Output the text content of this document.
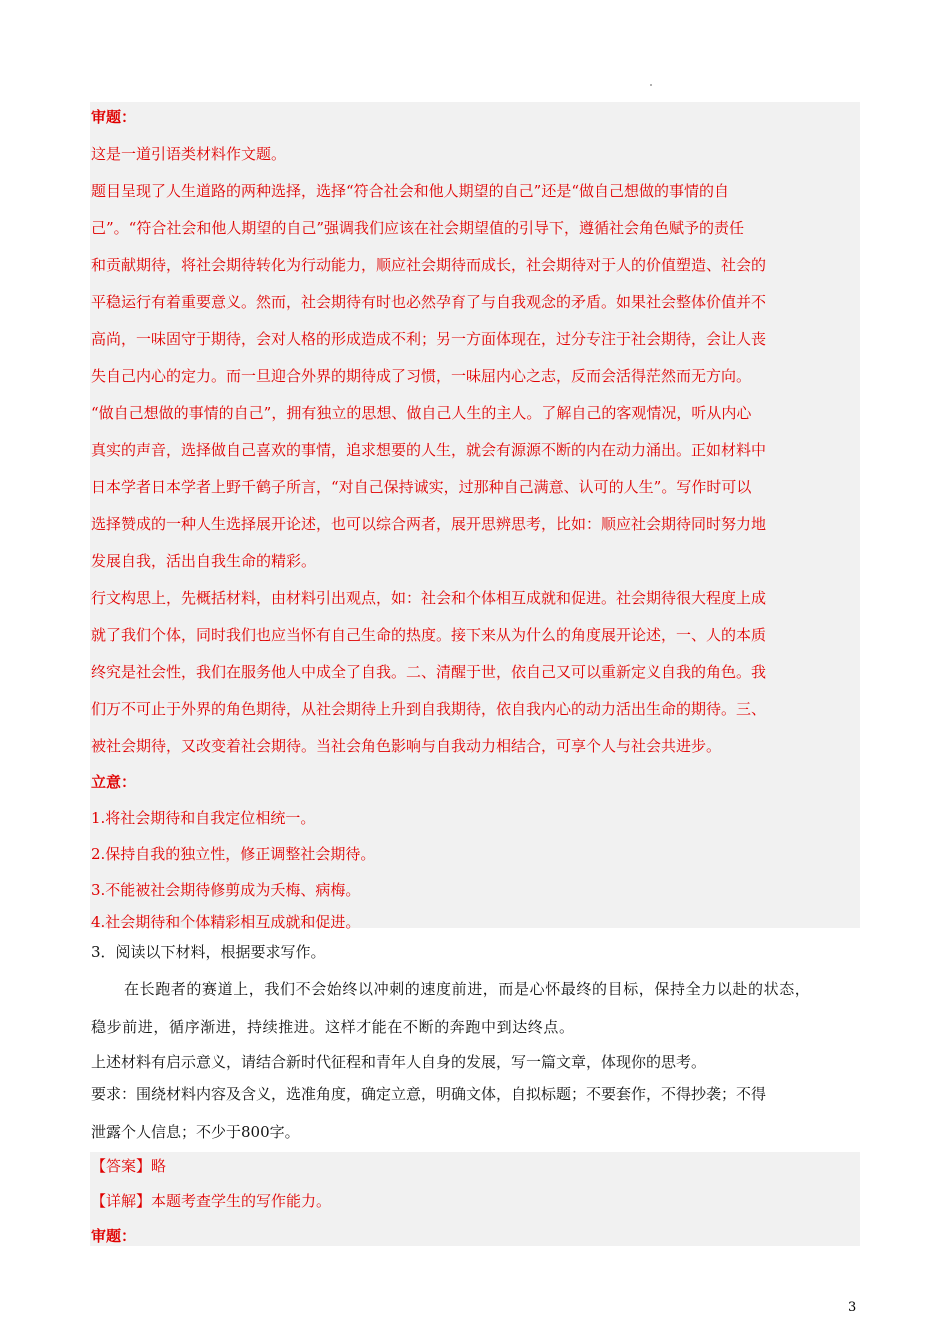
审题：
这是一道引语类材料作文题。
题目呈现了人生道路的两种选择，选择“符合社会和他人期望的自己”还是“做自己想做的事情的自
己”。“符合社会和他人期望的自己”强调我们应该在社会期望值的引导下，遵循社会角色赋予的责任
和贡献期待，将社会期待转化为行动能力，顺应社会期待而成长，社会期待对于人的价值塑造、社会的
平稳运行有着重要意义。然而，社会期待有时也必然孕育了与自我观念的矛盾。如果社会整体价值并不
高尚，一味固守于期待，会对人格的形成造成不利；另一方面体现在，过分专注于社会期待，会让人丧
失自己内心的定力。而一旦迎合外界的期待成了习惯，一味屈内心之志，反而会活得茫然而无方向。
“做自己想做的事情的自己”，拥有独立的思想、做自己人生的主人。了解自己的客观情况，听从内心
真实的声音，选择做自己喜欢的事情，追求想要的人生，就会有源源不断的内在动力涌出。正如材料中
日本学者日本学者上野千鹤子所言，“对自己保持诚实，过那种自己满意、认可的人生”。写作时可以
选择赞成的一种人生选择展开论述，也可以综合两者，展开思辨思考，比如：顺应社会期待同时努力地
发展自我，活出自我生命的精彩。
行文构思上，先概括材料，由材料引出观点，如：社会和个体相互成就和促进。社会期待很大程度上成
就了我们个体，同时我们也应当怀有自己生命的热度。接下来从为什么的角度展开论述，一、人的本质
终究是社会性，我们在服务他人中成全了自我。二、清醒于世，依自己又可以重新定义自我的角色。我
们万不可止于外界的角色期待，从社会期待上升到自我期待，依自我内心的动力活出生命的期待。三、
被社会期待，又改变着社会期待。当社会角色影响与自我动力相结合，可享个人与社会共进步。
立意：
1.将社会期待和自我定位相统一。
2.保持自我的独立性，修正调整社会期待。
3.不能被社会期待修剪成为夭梅、病梅。
4.社会期待和个体精彩相互成就和促进。
3．阅读以下材料，根据要求写作。
在长跑者的赛道上，我们不会始终以冲刺的速度前进，而是心怀最终的目标，保持全力以赴的状态，
稳步前进，循序渐进，持续推进。这样才能在不断的奔跑中到达终点。
上述材料有启示意义，请结合新时代征程和青年人自身的发展，写一篇文章，体现你的思考。
要求：围绕材料内容及含义，选准角度，确定立意，明确文体，自拟标题；不要套作，不得抄袭；不得
泄露个人信息；不少于800字。
【答案】略
【详解】本题考查学生的写作能力。
审题：
3
